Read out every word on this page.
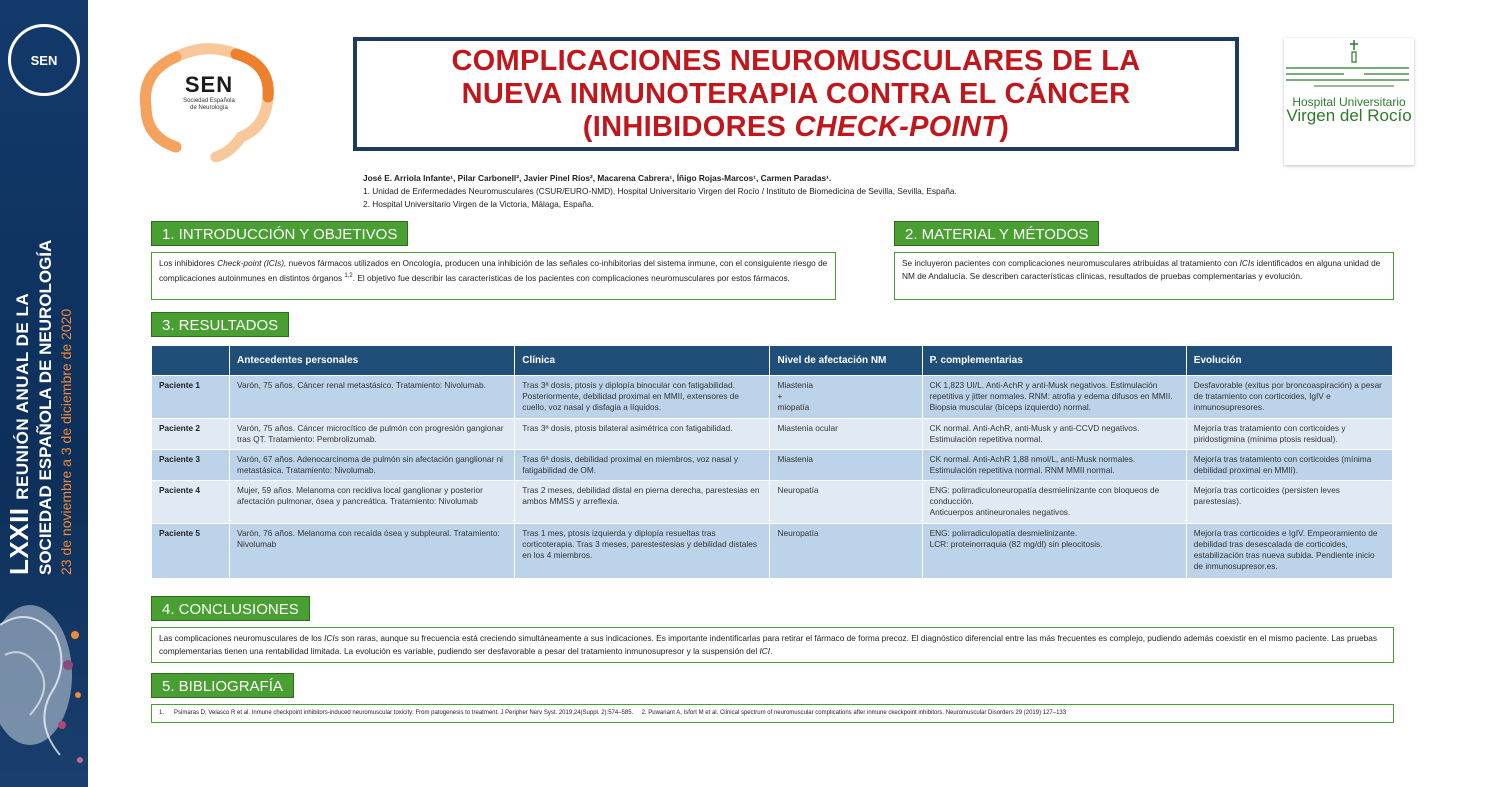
SEN
LXXII REUNIÓN ANUAL DE LA SOCIEDAD ESPAÑOLA DE NEUROLOGÍA 23 de noviembre a 3 de diciembre de 2020
SEN
Sociedad Española
de Neurología
COMPLICACIONES NEUROMUSCULARES DE LA
NUEVA INMUNOTERAPIA CONTRA EL CÁNCER
(INHIBIDORES CHECK-POINT)
Hospital Universitario
Virgen del Rocío
José E. Arriola Infante¹, Pilar Carbonell², Javier Pinel Ríos², Macarena Cabrera¹, Íñigo Rojas-Marcos¹, Carmen Paradas¹.
1. Unidad de Enfermedades Neuromusculares (CSUR/EURO-NMD), Hospital Universitario Virgen del Rocío / Instituto de Biomedicina de Sevilla, Sevilla, España.
2. Hospital Universitario Virgen de la Victoria, Málaga, España.
1. INTRODUCCIÓN Y OBJETIVOS
Los inhibidores Check-point (ICIs), nuevos fármacos utilizados en Oncología, producen una inhibición de las señales co-inhibitorias del sistema inmune, con el consiguiente riesgo de complicaciones autoinmunes en distintos órganos $^{1,2}$. El objetivo fue describir las características de los pacientes con complicaciones neuromusculares por estos fármacos.
2. MATERIAL Y MÉTODOS
Se incluyeron pacientes con complicaciones neuromusculares atribuidas al tratamiento con ICIs identificados en alguna unidad de NM de Andalucía. Se describen características clínicas, resultados de pruebas complementarias y evolución.
3. RESULTADOS
	Antecedentes personales	Clínica	Nivel de afectación NM	P. complementarias	Evolución
Paciente 1	Varón, 75 años. Cáncer renal metastásico. Tratamiento: Nivolumab.	Tras 3ª dosis, ptosis y diplopía binocular con fatigabilidad. Posteriormente, debilidad proximal en MMII, extensores de cuello, voz nasal y disfagia a líquidos.	Miastenia
+
miopatía	CK 1,823 UI/L. Anti-AchR y anti-Musk negativos. Estimulación repetitiva y jitter normales. RNM: atrofia y edema difusos en MMII. Biopsia muscular (bíceps izquierdo) normal.	Desfavorable (exitus por broncoaspiración) a pesar de tratamiento con corticoides, IgIV e inmunosupresores.
Paciente 2	Varón, 75 años. Cáncer microcítico de pulmón con progresión gangionar tras QT. Tratamiento: Pembrolizumab.	Tras 3ª dosis, ptosis bilateral asimétrica con fatigabilidad.	Miastenia ocular	CK normal. Anti-AchR, anti-Musk y anti-CCVD negativos. Estimulación repetitiva normal.	Mejoría tras tratamiento con corticoides y piridostigmina (mínima ptosis residual).
Paciente 3	Varón, 67 años. Adenocarcinoma de pulmón sin afectación ganglionar ni metastásica. Tratamiento: Nivolumab.	Tras 6ª dosis, debilidad proximal en miembros, voz nasal y fatigabilidad de OM.	Miastenia	CK normal. Anti-AchR 1,88 nmol/L, anti-Musk normales. Estimulación repetitiva normal. RNM MMII normal.	Mejoría tras tratamiento con corticoides (mínima debilidad proximal en MMII).
Paciente 4	Mujer, 59 años. Melanoma con recidiva local ganglionar y posterior afectación pulmonar, ósea y pancreática. Tratamiento: Nivolumab	Tras 2 meses, debilidad distal en pierna derecha, parestesias en ambos MMSS y arreflexia.	Neuropatía	ENG: polirradiculoneuropatía desmielinizante con bloqueos de conducción.
Anticuerpos antineuronales negativos.	Mejoría tras corticoides (persisten leves parestesias).
Paciente 5	Varón, 76 años. Melanoma con recaída ósea y subpleural. Tratamiento: Nivolumab	Tras 1 mes, ptosis izquierda y diplopía resueltas tras corticoterapia. Tras 3 meses, parestestesias y debilidad distales en los 4 miembros.	Neuropatía	ENG: polirradiculopatía desmielinizante.
LCR: proteinorraquia (82 mg/dl) sin pleocitosis.	Mejoría tras corticoides e IgIV. Empeoramiento de debilidad tras desescalada de corticoides, estabilización tras nueva subida. Pendiente inicio de inmunosupresor.es.
4. CONCLUSIONES
Las complicaciones neuromusculares de los ICIs son raras, aunque su frecuencia está creciendo simultáneamente a sus indicaciones. Es importante indentificarlas para retirar el fármaco de forma precoz. El diagnóstico diferencial entre las más frecuentes es complejo, pudiendo además coexistir en el mismo paciente. Las pruebas complementarias tienen una rentabilidad limitada. La evolución es variable, pudiendo ser desfavorable a pesar del tratamiento inmunosupresor y la suspensión del ICI.
5. BIBLIOGRAFÍA
1.      Psimaras D, Velasco R et al. Inmune checkpoint inhibitors-induced neuromuscular toxicity: From patogenesis to treatment. J Peripher Nerv Syst. 2019;24(Suppl. 2):574–585.     2. Puwanant A, Isfort M et al. Clinical spectrum of neuromuscular complications after inmune ckeckpoint inhibitors. Neuromuscular Disorders 29 (2019) 127–133
